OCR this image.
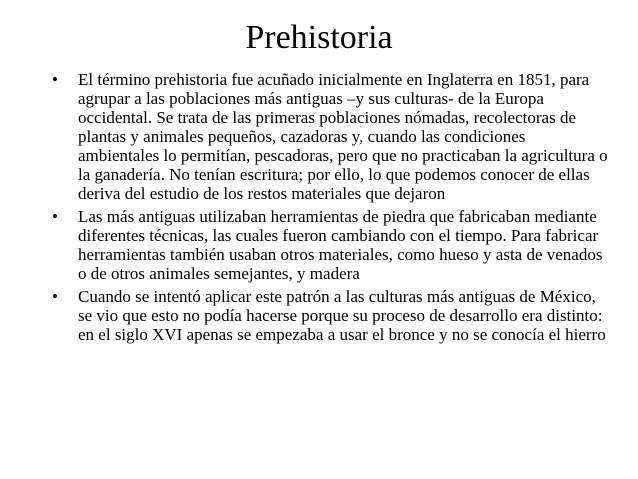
Prehistoria
• El término prehistoria fue acuñado inicialmente en Inglaterra en 1851, para agrupar a las poblaciones más antiguas –y sus culturas- de la Europa occidental. Se trata de las primeras poblaciones nómadas, recolectoras de plantas y animales pequeños, cazadoras y, cuando las condiciones ambientales lo permitían, pescadoras, pero que no practicaban la agricultura o la ganadería. No tenían escritura; por ello, lo que podemos conocer de ellas deriva del estudio de los restos materiales que dejaron
• Las más antiguas utilizaban herramientas de piedra que fabricaban mediante diferentes técnicas, las cuales fueron cambiando con el tiempo. Para fabricar herramientas también usaban otros materiales, como hueso y asta de venados o de otros animales semejantes, y madera
• Cuando se intentó aplicar este patrón a las culturas más antiguas de México, se vio que esto no podía hacerse porque su proceso de desarrollo era distinto: en el siglo XVI apenas se empezaba a usar el bronce y no se conocía el hierro
